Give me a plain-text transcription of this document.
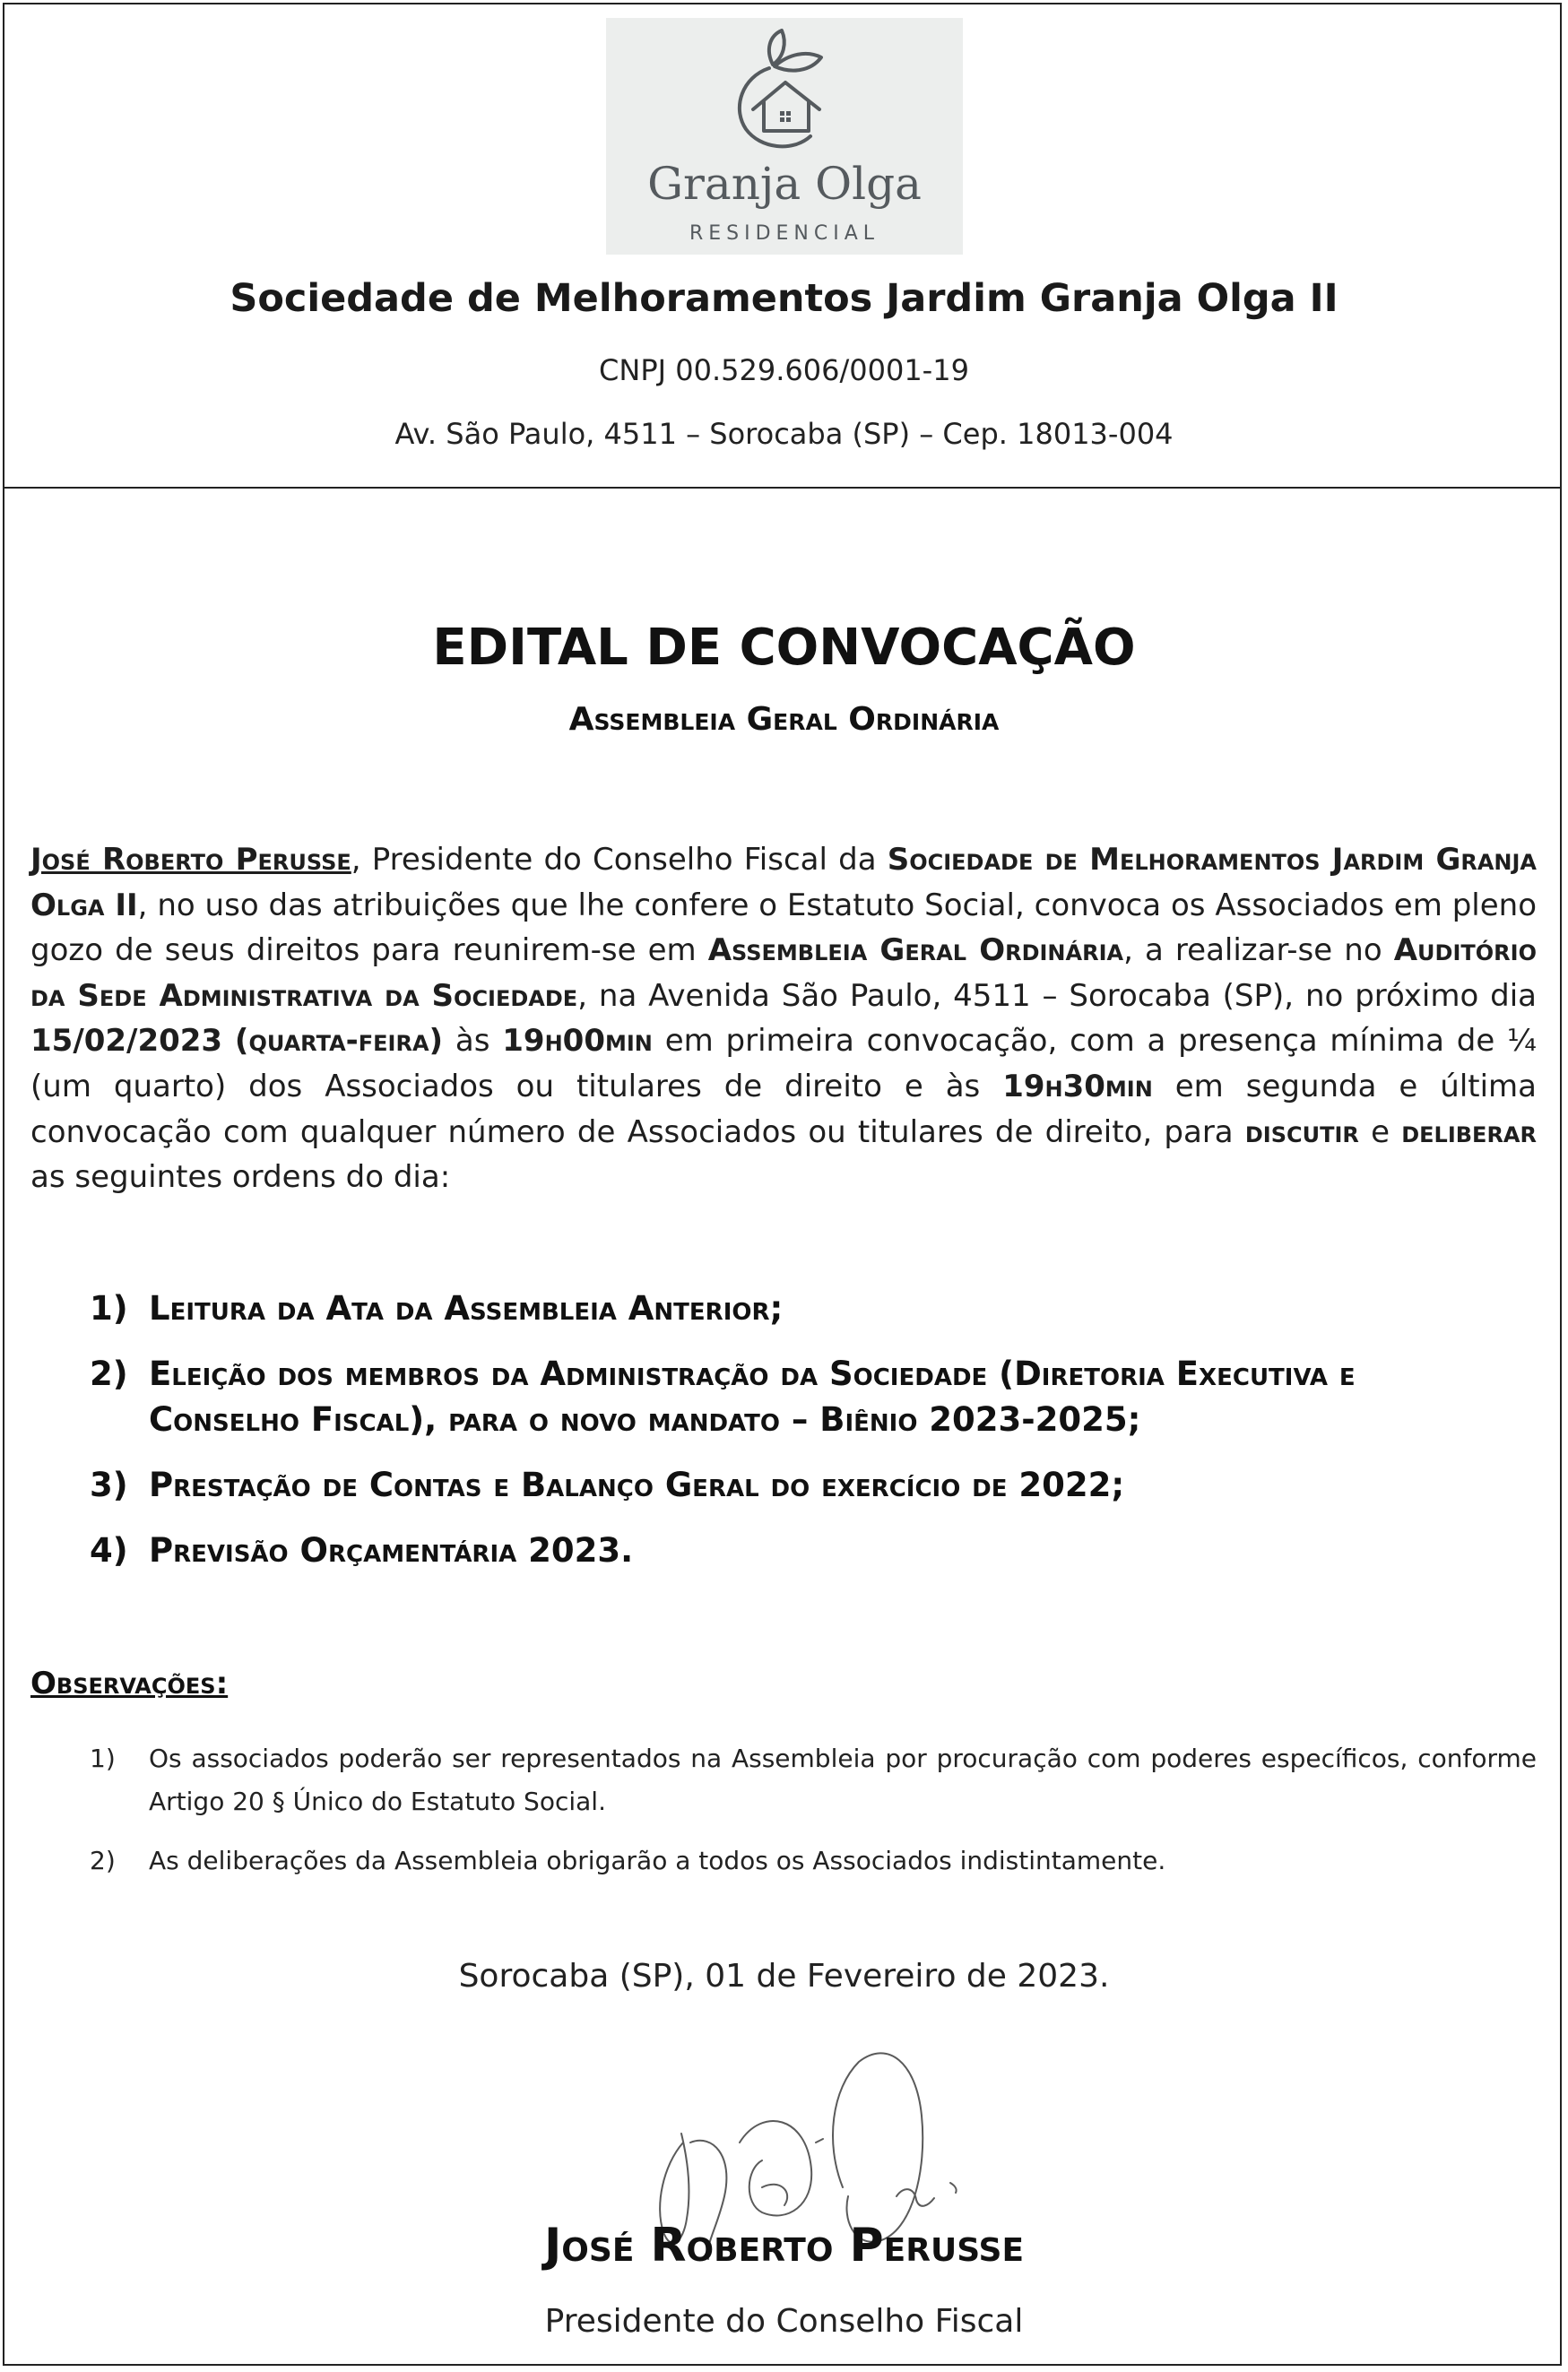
Granja Olga
RESIDENCIAL
Sociedade de Melhoramentos Jardim Granja Olga II
CNPJ 00.529.606/0001-19
Av. São Paulo, 4511 – Sorocaba (SP) – Cep. 18013-004
EDITAL DE CONVOCAÇÃO
Assembleia Geral Ordinária
José Roberto Perusse, Presidente do Conselho Fiscal da Sociedade de Melhoramentos Jardim Granja Olga II, no uso das atribuições que lhe confere o Estatuto Social, convoca os Associados em pleno gozo de seus direitos para reunirem-se em Assembleia Geral Ordinária, a realizar-se no Auditório da Sede Administrativa da Sociedade, na Avenida São Paulo, 4511 – Sorocaba (SP), no próximo dia 15/02/2023 (quarta-feira) às 19h00min em primeira convocação, com a presença mínima de ¼ (um quarto) dos Associados ou titulares de direito e às 19h30min em segunda e última convocação com qualquer número de Associados ou titulares de direito, para discutir e deliberar as seguintes ordens do dia:
1) Leitura da Ata da Assembleia Anterior;
2) Eleição dos membros da Administração da Sociedade (Diretoria Executiva e Conselho Fiscal), para o novo mandato – Biênio 2023-2025;
3) Prestação de Contas e Balanço Geral do exercício de 2022;
4) Previsão Orçamentária 2023.
Observações:
1) Os associados poderão ser representados na Assembleia por procuração com poderes específicos, conforme Artigo 20 § Único do Estatuto Social.
2) As deliberações da Assembleia obrigarão a todos os Associados indistintamente.
Sorocaba (SP), 01 de Fevereiro de 2023.
José Roberto Perusse
Presidente do Conselho Fiscal
